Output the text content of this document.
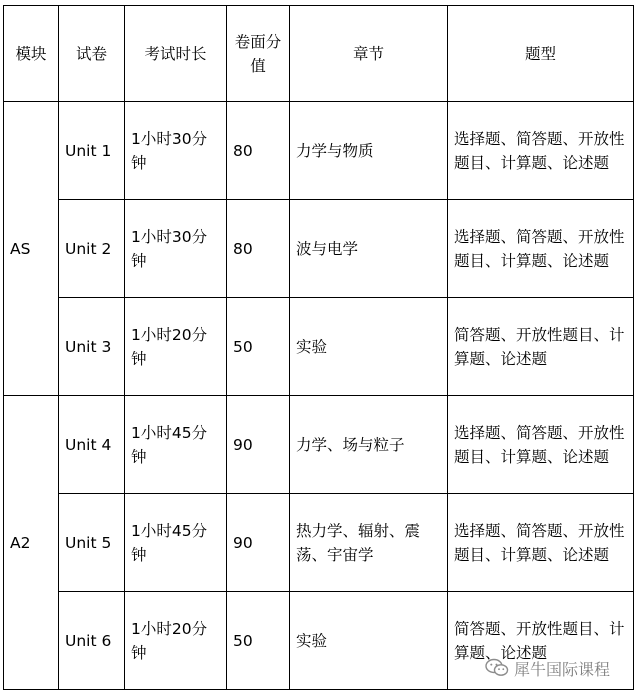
模块	试卷	考试时长	卷面分值	章节	题型
AS	Unit 1	1小时30分钟	80	力学与物质	选择题、简答题、开放性题目、计算题、论述题
	Unit 2	1小时30分钟	80	波与电学	选择题、简答题、开放性题目、计算题、论述题
	Unit 3	1小时20分钟	50	实验	简答题、开放性题目、计算题、论述题
A2	Unit 4	1小时45分钟	90	力学、场与粒子	选择题、简答题、开放性题目、计算题、论述题
	Unit 5	1小时45分钟	90	热力学、辐射、震荡、宇宙学	选择题、简答题、开放性题目、计算题、论述题
	Unit 6	1小时20分钟	50	实验	简答题、开放性题目、计算题、论述题
犀牛国际课程
